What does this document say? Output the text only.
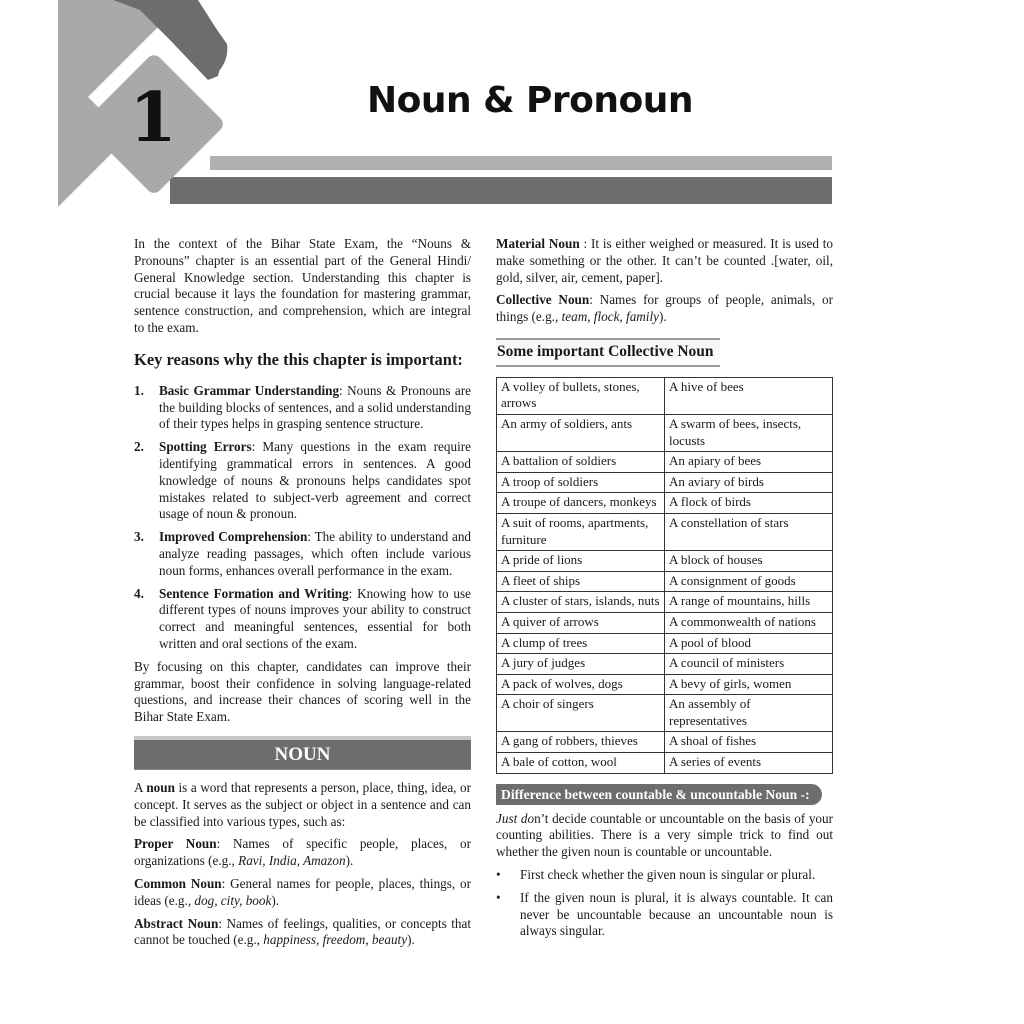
1	Noun & Pronoun

In the context of the Bihar State Exam, the “Nouns & Pronouns” chapter is an essential part of the General Hindi/ General Knowledge section. Understanding this chapter is crucial because it lays the foundation for mastering grammar, sentence construction, and comprehension, which are integral to the exam.

Key reasons why the this chapter is important:
1. Basic Grammar Understanding: Nouns & Pronouns are the building blocks of sentences, and a solid understanding of their types helps in grasping sentence structure.
2. Spotting Errors: Many questions in the exam require identifying grammatical errors in sentences. A good knowledge of nouns & pronouns helps candidates spot mistakes related to subject-verb agreement and correct usage of noun & pronoun.
3. Improved Comprehension: The ability to understand and analyze reading passages, which often include various noun forms, enhances overall performance in the exam.
4. Sentence Formation and Writing: Knowing how to use different types of nouns improves your ability to construct correct and meaningful sentences, essential for both written and oral sections of the exam.

By focusing on this chapter, candidates can improve their grammar, boost their confidence in solving language-related questions, and increase their chances of scoring well in the Bihar State Exam.

NOUN

A noun is a word that represents a person, place, thing, idea, or concept. It serves as the subject or object in a sentence and can be classified into various types, such as:

Proper Noun: Names of specific people, places, or organizations (e.g., Ravi, India, Amazon).

Common Noun: General names for people, places, things, or ideas (e.g., dog, city, book).

Abstract Noun: Names of feelings, qualities, or concepts that cannot be touched (e.g., happiness, freedom, beauty).

Material Noun : It is either weighed or measured. It is used to make something or the other. It can’t be counted .[water, oil, gold, silver, air, cement, paper].

Collective Noun: Names for groups of people, animals, or things (e.g., team, flock, family).

Some important Collective Noun
A volley of bullets, stones, arrows	A hive of bees
An army of soldiers, ants	A swarm of bees, insects, locusts
A battalion of soldiers	An apiary of bees
A troop of soldiers	An aviary of birds
A troupe of dancers, monkeys	A flock of birds
A suit of rooms, apartments, furniture	A constellation of stars
A pride of lions	A block of houses
A fleet of ships	A consignment of goods
A cluster of stars, islands, nuts	A range of mountains, hills
A quiver of arrows	A commonwealth of nations
A clump of trees	A pool of blood
A jury of judges	A council of ministers
A pack of wolves, dogs	A bevy of girls, women
A choir of singers	An assembly of representatives
A gang of robbers, thieves	A shoal of fishes
A bale of cotton, wool	A series of events
Difference between countable & uncountable Noun -:

Just don’t decide countable or uncountable on the basis of your counting abilities. There is a very simple trick to find out whether the given noun is countable or uncountable.

• First check whether the given noun is singular or plural.
• If the given noun is plural, it is always countable. It can never be uncountable because an uncountable noun is always singular.
